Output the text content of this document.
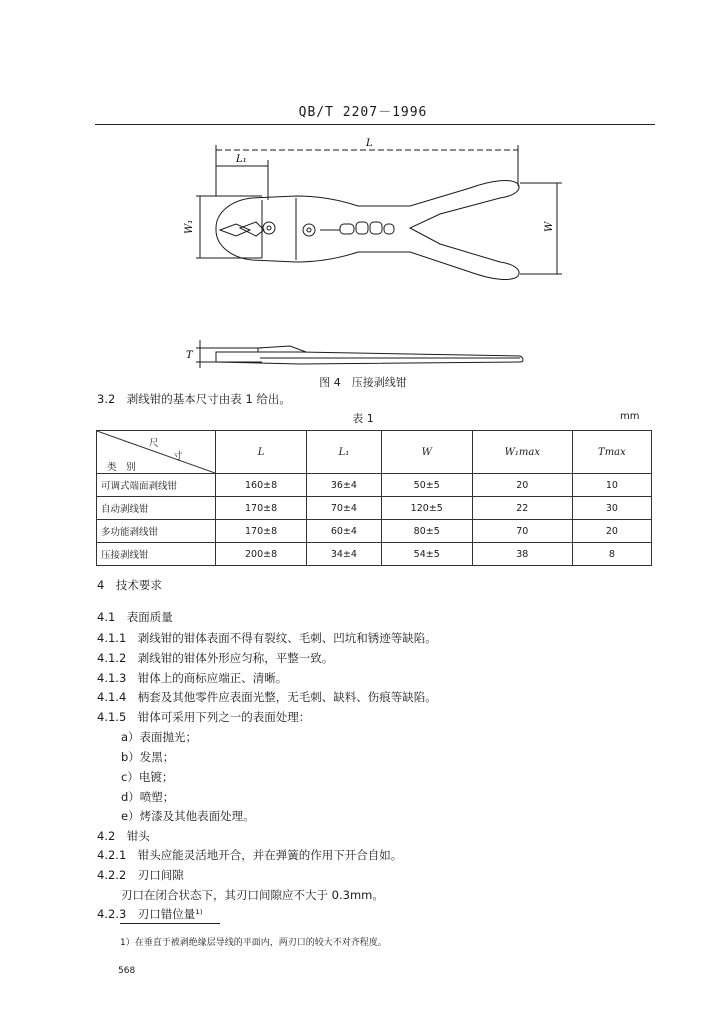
QB/T 2207－1996
L
L₁
W₁	W
T
图 4　压接剥线钳
3.2　剥线钳的基本尺寸由表 1 给出。
表 1	mm
尺
寸
类　别	L	L₁	W	W₁max	Tmax
可调式端面剥线钳	160±8	36±4	50±5	20	10
自动剥线钳	170±8	70±4	120±5	22	30
多功能剥线钳	170±8	60±4	80±5	70	20
压接剥线钳	200±8	34±4	54±5	38	8
4　技术要求
4.1　表面质量
4.1.1　剥线钳的钳体表面不得有裂纹、毛刺、凹坑和锈迹等缺陷。
4.1.2　剥线钳的钳体外形应匀称，平整一致。
4.1.3　钳体上的商标应端正、清晰。
4.1.4　柄套及其他零件应表面光整，无毛刺、缺料、伤痕等缺陷。
4.1.5　钳体可采用下列之一的表面处理：
a）表面抛光；
b）发黑；
c）电镀；
d）喷塑；
e）烤漆及其他表面处理。
4.2　钳头
4.2.1　钳头应能灵活地开合，并在弹簧的作用下开合自如。
4.2.2　刃口间隙
刃口在闭合状态下，其刃口间隙应不大于 0.3mm。
4.2.3　刃口错位量¹⁾
1）在垂直于被剥绝缘层导线的平面内，两刃口的较大不对齐程度。
568
